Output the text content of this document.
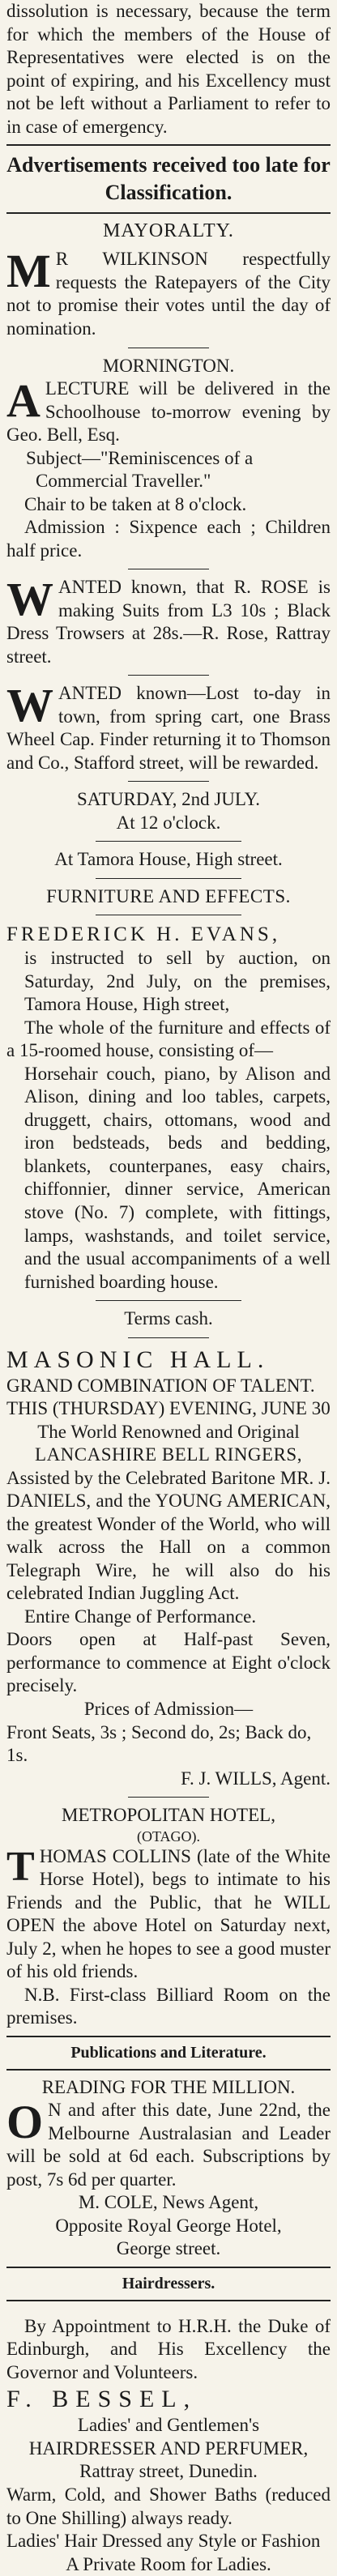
dissolution is necessary, because the term for which the members of the House of Representatives were elected is on the point of expiring, and his Excellency must not be left without a Parliament to refer to in case of emergency.

Advertisements received too late for Classification.

MAYORALTY.

M R WILKINSON respectfully requests the Ratepayers of the City not to promise their votes until the day of nomination.

MORNINGTON.

A LECTURE will be delivered in the Schoolhouse to-morrow evening by Geo. Bell, Esq.

Subject—"Reminiscences of a Commercial Traveller."

Chair to be taken at 8 o'clock.

Admission : Sixpence each ; Children half price.

W ANTED known, that R. ROSE is making Suits from L3 10s ; Black Dress Trowsers at 28s.—R. Rose, Rattray street.
W ANTED known—Lost to-day in town, from spring cart, one Brass Wheel Cap. Finder returning it to Thomson and Co., Stafford street, will be rewarded.

SATURDAY, 2nd JULY.

At 12 o'clock.

At Tamora House, High street.

FURNITURE AND EFFECTS.

FREDERICK H. EVANS,

is instructed to sell by auction, on Saturday, 2nd July, on the premises, Tamora House, High street,

The whole of the furniture and effects of a 15-roomed house, consisting of—

Horsehair couch, piano, by Alison and Alison, dining and loo tables, carpets, druggett, chairs, ottomans, wood and iron bedsteads, beds and bedding, blankets, counterpanes, easy chairs, chiffonnier, dinner service, American stove (No. 7) complete, with fittings, lamps, washstands, and toilet service, and the usual accompaniments of a well furnished boarding house.

Terms cash.

MASONIC HALL.

GRAND COMBINATION OF TALENT.

THIS (THURSDAY) EVENING, JUNE 30

The World Renowned and Original

LANCASHIRE BELL RINGERS,

Assisted by the Celebrated Baritone MR. J. DANIELS, and the YOUNG AMERICAN, the greatest Wonder of the World, who will walk across the Hall on a common Telegraph Wire, he will also do his celebrated Indian Juggling Act.

Entire Change of Performance.

Doors open at Half-past Seven, performance to commence at Eight o'clock precisely.

Prices of Admission—

Front Seats, 3s ; Second do, 2s; Back do, 1s.

F. J. WILLS, Agent.

METROPOLITAN HOTEL,

(OTAGO).

T HOMAS COLLINS (late of the White Horse Hotel), begs to intimate to his Friends and the Public, that he WILL OPEN the above Hotel on Saturday next, July 2, when he hopes to see a good muster of his old friends.

N.B. First-class Billiard Room on the premises.

Publications and Literature.

READING FOR THE MILLION.

O N and after this date, June 22nd, the Melbourne Australasian and Leader will be sold at 6d each. Subscriptions by post, 7s 6d per quarter.

M. COLE, News Agent,

Opposite Royal George Hotel,

George street.

Hairdressers.

By Appointment to H.R.H. the Duke of Edinburgh, and His Excellency the Governor and Volunteers.

F. BESSEL,

Ladies' and Gentlemen's

HAIRDRESSER AND PERFUMER,

Rattray street, Dunedin.

Warm, Cold, and Shower Baths (reduced to One Shilling) always ready.

Ladies' Hair Dressed any Style or Fashion

A Private Room for Ladies.
